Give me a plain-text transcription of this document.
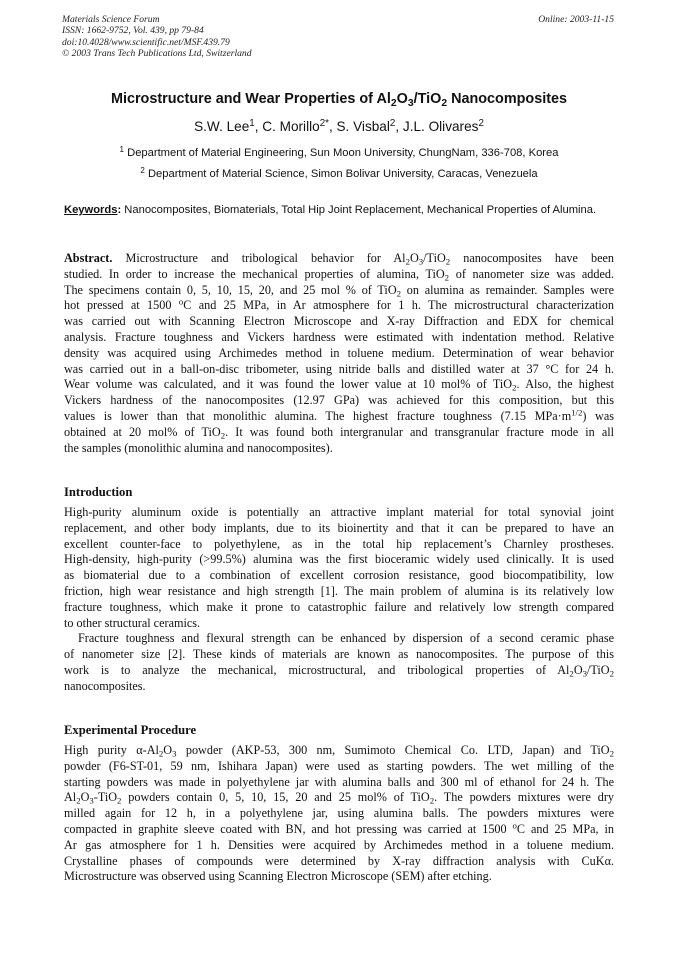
Materials Science Forum
ISSN: 1662-9752, Vol. 439, pp 79-84
doi:10.4028/www.scientific.net/MSF.439.79
© 2003 Trans Tech Publications Ltd, Switzerland
Online: 2003-11-15
Microstructure and Wear Properties of $Al_2O_3/TiO_2$ Nanocomposites
S.W. Lee$^1$, C. Morillo$^{2*}$, S. Visbal$^2$, J.L. Olivares$^2$
$^1$ Department of Material Engineering, Sun Moon University, ChungNam, 336-708, Korea
$^2$ Department of Material Science, Simon Bolivar University, Caracas, Venezuela
Keywords: Nanocomposites, Biomaterials, Total Hip Joint Replacement, Mechanical Properties of Alumina.
Abstract. Microstructure and tribological behavior for $Al_2O_3/TiO_2$ nanocomposites have been
studied. In order to increase the mechanical properties of alumina, TiO$_2$ of nanometer size was added.
The specimens contain 0, 5, 10, 15, 20, and 25 mol % of TiO$_2$ on alumina as remainder. Samples were
hot pressed at 1500 $^o$C and 25 MPa, in Ar atmosphere for 1 h. The microstructural characterization
was carried out with Scanning Electron Microscope and X-ray Diffraction and EDX for chemical
analysis. Fracture toughness and Vickers hardness were estimated with indentation method. Relative
density was acquired using Archimedes method in toluene medium. Determination of wear behavior
was carried out in a ball-on-disc tribometer, using nitride balls and distilled water at 37 °C for 24 h.
Wear volume was calculated, and it was found the lower value at 10 mol% of TiO$_2$. Also, the highest
Vickers hardness of the nanocomposites (12.97 GPa) was achieved for this composition, but this
values is lower than that monolithic alumina. The highest fracture toughness (7.15 $MPa\cdot m^{1/2}$) was
obtained at 20 mol% of TiO$_2$. It was found both intergranular and transgranular fracture mode in all
the samples (monolithic alumina and nanocomposites).
Introduction
High-purity aluminum oxide is potentially an attractive implant material for total synovial joint
replacement, and other body implants, due to its bioinertity and that it can be prepared to have an
excellent counter-face to polyethylene, as in the total hip replacement’s Charnley prostheses.
High-density, high-purity (>99.5%) alumina was the first bioceramic widely used clinically. It is used
as biomaterial due to a combination of excellent corrosion resistance, good biocompatibility, low
friction, high wear resistance and high strength [1]. The main problem of alumina is its relatively low
fracture toughness, which make it prone to catastrophic failure and relatively low strength compared
to other structural ceramics.
Fracture toughness and flexural strength can be enhanced by dispersion of a second ceramic phase
of nanometer size [2]. These kinds of materials are known as nanocomposites. The purpose of this
work is to analyze the mechanical, microstructural, and tribological properties of $Al_2O_3/TiO_2$
nanocomposites.
Experimental Procedure
High purity $\alpha-Al_2O_3$ powder (AKP-53, 300 nm, Sumimoto Chemical Co. LTD, Japan) and TiO$_2$
powder (F6-ST-01, 59 nm, Ishihara Japan) were used as starting powders. The wet milling of the
starting powders was made in polyethylene jar with alumina balls and 300 ml of ethanol for 24 h. The
$Al_2O_3-TiO_2$ powders contain 0, 5, 10, 15, 20 and 25 mol% of TiO$_2$. The powders mixtures were dry
milled again for 12 h, in a polyethylene jar, using alumina balls. The powders mixtures were
compacted in graphite sleeve coated with BN, and hot pressing was carried at 1500 $^o$C and 25 MPa, in
Ar gas atmosphere for 1 h. Densities were acquired by Archimedes method in a toluene medium.
Crystalline phases of compounds were determined by X-ray diffraction analysis with CuKα.
Microstructure was observed using Scanning Electron Microscope (SEM) after etching.
